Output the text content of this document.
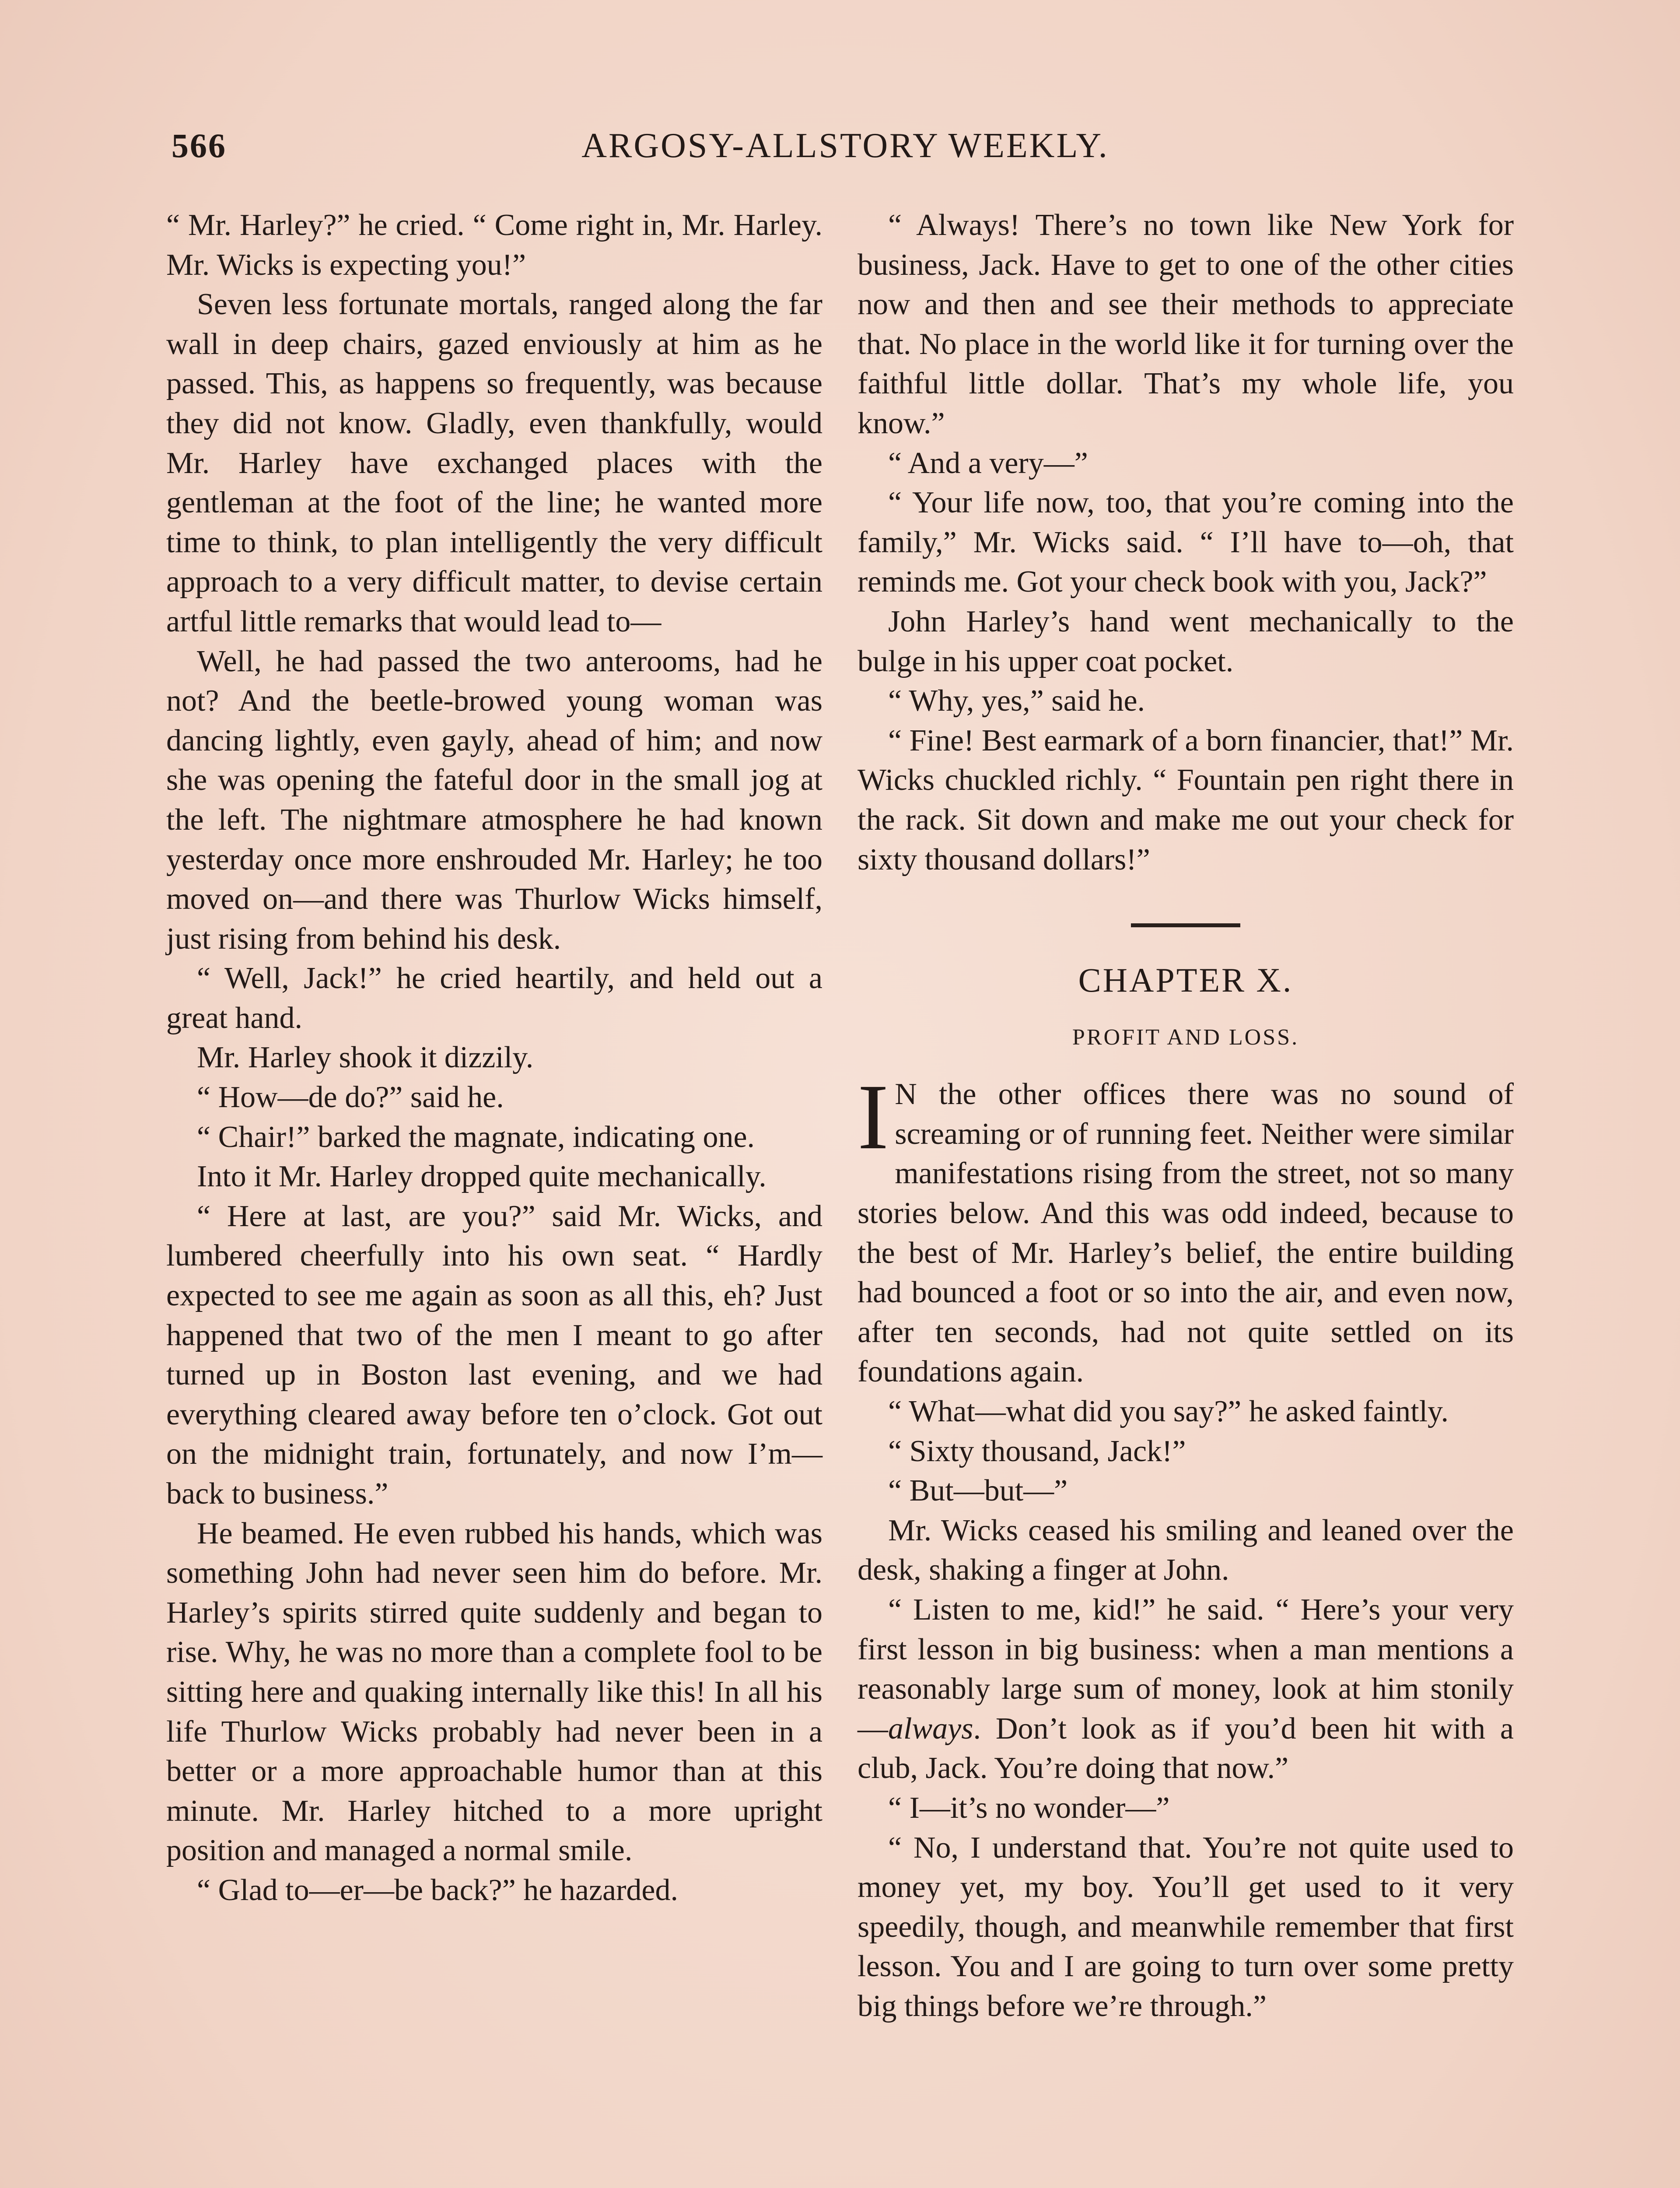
566	ARGOSY-ALLSTORY WEEKLY.

“ Mr. Harley?” he cried. “ Come right in, Mr. Harley. Mr. Wicks is expecting you!”

Seven less fortunate mortals, ranged along the far wall in deep chairs, gazed enviously at him as he passed. This, as happens so frequently, was because they did not know. Gladly, even thankfully, would Mr. Harley have exchanged places with the gentleman at the foot of the line; he wanted more time to think, to plan intelligently the very difficult approach to a very difficult matter, to devise certain artful little remarks that would lead to—

Well, he had passed the two anterooms, had he not? And the beetle-browed young woman was dancing lightly, even gayly, ahead of him; and now she was opening the fateful door in the small jog at the left. The nightmare atmosphere he had known yesterday once more enshrouded Mr. Harley; he too moved on—and there was Thurlow Wicks himself, just rising from behind his desk.

“ Well, Jack!” he cried heartily, and held out a great hand.

Mr. Harley shook it dizzily.

“ How—de do?” said he.

“ Chair!” barked the magnate, indicating one.

Into it Mr. Harley dropped quite mechanically.

“ Here at last, are you?” said Mr. Wicks, and lumbered cheerfully into his own seat. “ Hardly expected to see me again as soon as all this, eh? Just happened that two of the men I meant to go after turned up in Boston last evening, and we had everything cleared away before ten o’clock. Got out on the midnight train, fortunately, and now I’m—back to business.”

He beamed. He even rubbed his hands, which was something John had never seen him do before. Mr. Harley’s spirits stirred quite suddenly and began to rise. Why, he was no more than a complete fool to be sitting here and quaking internally like this! In all his life Thurlow Wicks probably had never been in a better or a more approachable humor than at this minute. Mr. Harley hitched to a more upright position and managed a normal smile.

“ Glad to—er—be back?” he hazarded.

“ Always! There’s no town like New York for business, Jack. Have to get to one of the other cities now and then and see their methods to appreciate that. No place in the world like it for turning over the faithful little dollar. That’s my whole life, you know.”

“ And a very—”

“ Your life now, too, that you’re coming into the family,” Mr. Wicks said. “ I’ll have to—oh, that reminds me. Got your check book with you, Jack?”

John Harley’s hand went mechanically to the bulge in his upper coat pocket.

“ Why, yes,” said he.

“ Fine! Best earmark of a born financier, that!” Mr. Wicks chuckled richly. “ Fountain pen right there in the rack. Sit down and make me out your check for sixty thousand dollars!”

CHAPTER X.
PROFIT AND LOSS.

I N the other offices there was no sound of screaming or of running feet. Neither were similar manifestations rising from the street, not so many stories below. And this was odd indeed, because to the best of Mr. Harley’s belief, the entire building had bounced a foot or so into the air, and even now, after ten seconds, had not quite settled on its foundations again.

“ What—what did you say?” he asked faintly.

“ Sixty thousand, Jack!”

“ But—but—”

Mr. Wicks ceased his smiling and leaned over the desk, shaking a finger at John.

“ Listen to me, kid!” he said. “ Here’s your very first lesson in big business: when a man mentions a reasonably large sum of money, look at him stonily—always. Don’t look as if you’d been hit with a club, Jack. You’re doing that now.”

“ I—it’s no wonder—”

“ No, I understand that. You’re not quite used to money yet, my boy. You’ll get used to it very speedily, though, and meanwhile remember that first lesson. You and I are going to turn over some pretty big things before we’re through.”
